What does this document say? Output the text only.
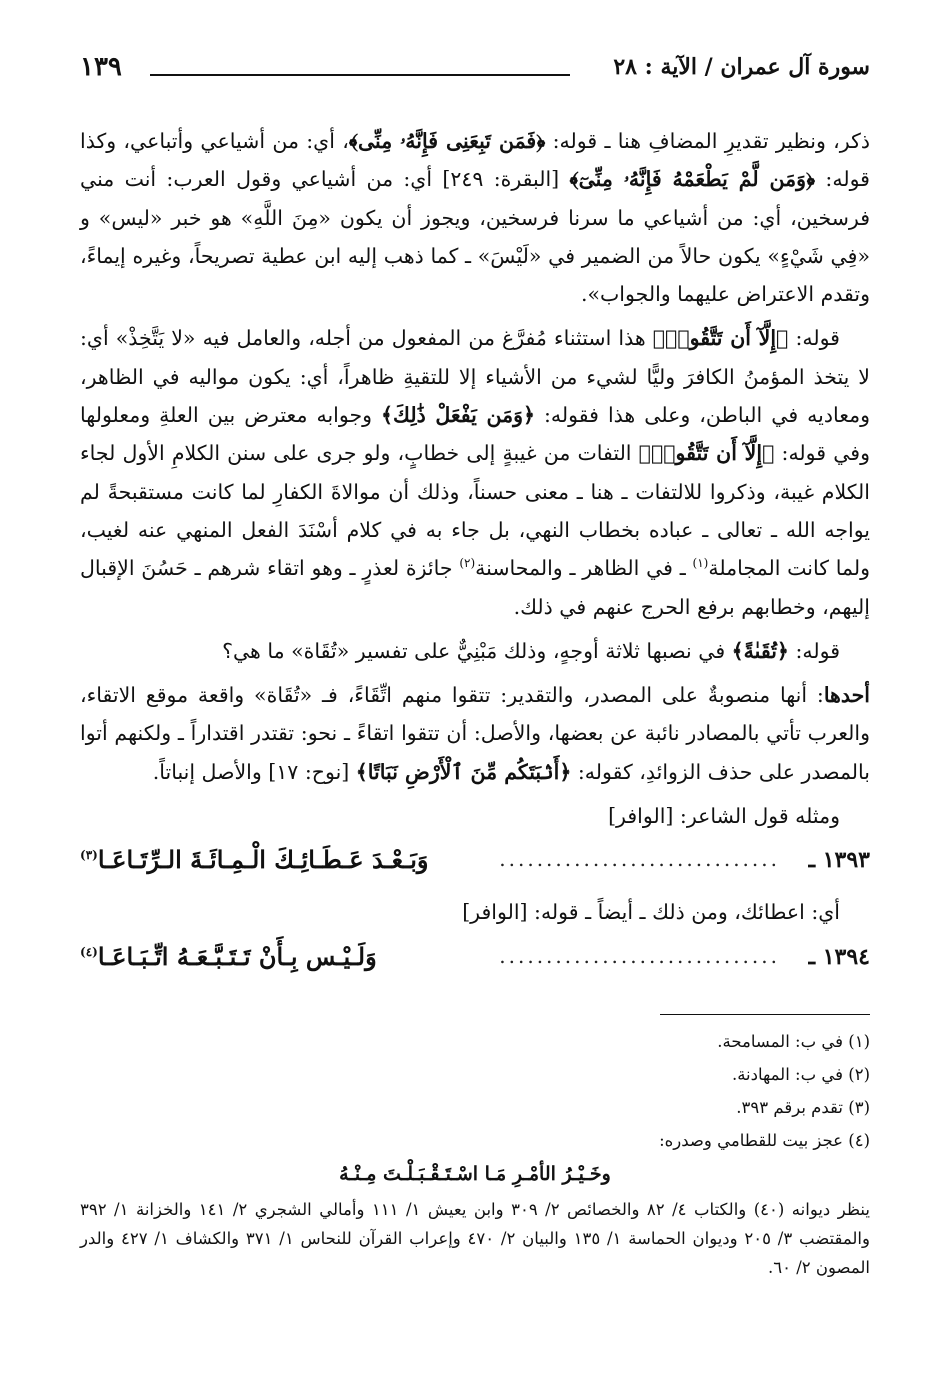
سورة آل عمران / الآية : ٢٨
١٣٩

ذكر، ونظير تقديرِ المضافِ هنا ـ قوله: ﴿فَمَن تَبِعَنِى فَإِنَّهُۥ مِنِّى﴾، أي: من أشياعي وأتباعي، وكذا قوله: ﴿وَمَن لَّمْ يَطْعَمْهُ فَإِنَّهُۥ مِنِّىٓ﴾ [البقرة: ٢٤٩] أي: من أشياعي وقول العرب: أنت مني فرسخين، أي: من أشياعي ما سرنا فرسخين، ويجوز أن يكون «مِنَ اللَّهِ» هو خبر «ليس» و «فِي شَيْءٍ» يكون حالاً من الضمير في «لَيْسَ» ـ كما ذهب إليه ابن عطية تصريحاً، وغيره إيماءً، وتقدم الاعتراض عليهما والجواب».

قوله: ﴿إِلَّآ أَن تَتَّقُوا۟﴾ هذا استثناء مُفرَّغ من المفعول من أجله، والعامل فيه «لا يَتَّخِذْ» أي: لا يتخذ المؤمنُ الكافرَ وليًّا لشيء من الأشياء إلا للتقيةِ ظاهراً، أي: يكون مواليه في الظاهر، ومعاديه في الباطن، وعلى هذا فقوله: ﴿وَمَن يَفْعَلْ ذَٰلِكَ﴾ وجوابه معترض بين العلةِ ومعلولها وفي قوله: ﴿إِلَّآ أَن تَتَّقُوا۟﴾ التفات من غيبةٍ إلى خطابٍ، ولو جرى على سنن الكلامِ الأول لجاء الكلام غيبة، وذكروا للالتفات ـ هنا ـ معنى حسناً، وذلك أن موالاةَ الكفارِ لما كانت مستقبحةً لم يواجه الله ـ تعالى ـ عباده بخطاب النهي، بل جاء به في كلام أسْنَدَ الفعل المنهي عنه لغيب، ولما كانت المجاملة$^{(١)}$ ـ في الظاهر ـ والمحاسنة$^{(٢)}$ جائزة لعذرٍ ـ وهو اتقاء شرهم ـ حَسُنَ الإقبال إليهم، وخطابهم برفع الحرج عنهم في ذلك.

قوله: ﴿تُقَىٰةً﴾ في نصبها ثلاثة أوجهٍ، وذلك مَبْنِيٌّ على تفسير «تُقَاة» ما هي؟

أحدها: أنها منصوبةٌ على المصدر، والتقدير: تتقوا منهم اتِّقَاءً، فـ «تُقَاة» واقعة موقع الاتقاء، والعرب تأتي بالمصادر نائبة عن بعضها، والأصل: أن تتقوا اتقاءً ـ نحو: تقتدر اقتداراً ـ ولكنهم أتوا بالمصدر على حذف الزوائدِ، كقوله: ﴿أَنۢبَتَكُم مِّنَ ٱلْأَرْضِ نَبَاتًا﴾ [نوح: ١٧] والأصل إنباتاً.

ومثله قول الشاعر: [الوافر]

١٣٩٣ ـ
..............................
وَبَـعْـدَ عَـطَـائِـكَ الْـمِـائَـةَ الـرِّتَـاعَـا$^{(٣)}$

أي: اعطائك، ومن ذلك ـ أيضاً ـ قوله: [الوافر]

١٣٩٤ ـ
..............................
وَلَـيْـس بِـأَنْ تَـتَـبَّـعَـهُ اتِّـبَـاعَـا$^{(٤)}$

(١) في ب: المسامحة.

(٢) في ب: المهادنة.

(٣) تقدم برقم ٣٩٣.

(٤) عجز بيت للقطامي وصدره:

وخَـيْـرُ الأمْـرِ مَـا اسْـتَـقْـبَـلْـتَ مِـنْـهُ

ينظر ديوانه (٤٠) والكتاب ٤/ ٨٢ والخصائص ٢/ ٣٠٩ وابن يعيش ١/ ١١١ وأمالي الشجري ٢/ ١٤١ والخزانة ١/ ٣٩٢ والمقتضب ٣/ ٢٠٥ وديوان الحماسة ١/ ١٣٥ والبيان ٢/ ٤٧٠ وإعراب القرآن للنحاس ١/ ٣٧١ والكشاف ١/ ٤٢٧ والدر المصون ٢/ ٦٠.
